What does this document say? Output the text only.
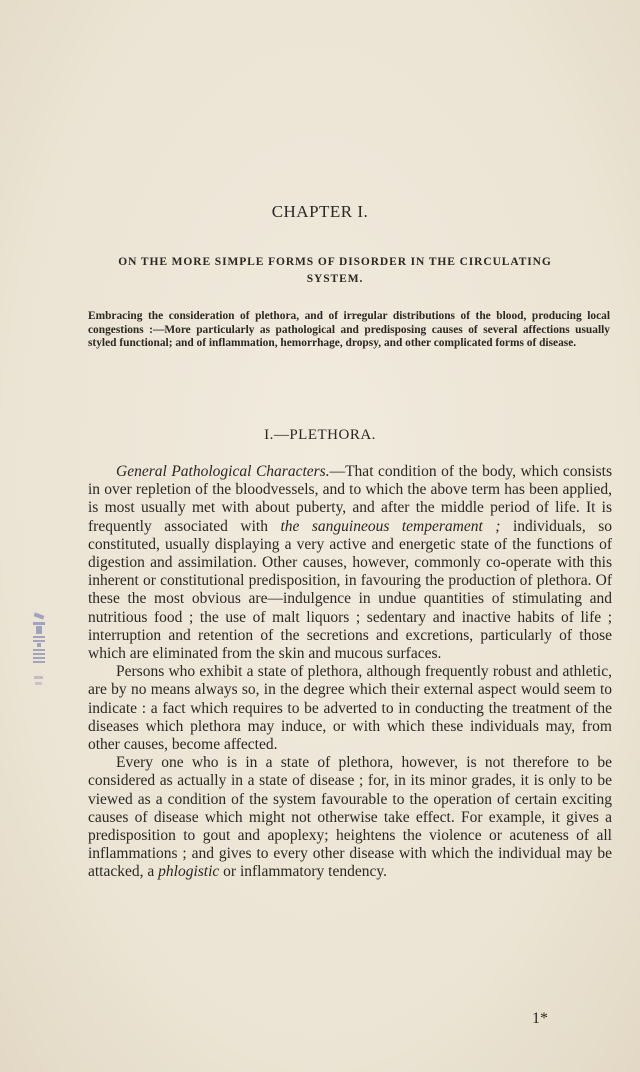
CHAPTER I.
ON THE MORE SIMPLE FORMS OF DISORDER IN THE CIRCULATING SYSTEM.
Embracing the consideration of plethora, and of irregular distributions of the blood, producing local congestions :—More particularly as pathological and predisposing causes of several affections usually styled functional; and of inflammation, hemorrhage, dropsy, and other complicated forms of disease.
I.—PLETHORA.

General Pathological Characters.—That condition of the body, which consists in over repletion of the bloodvessels, and to which the above term has been applied, is most usually met with about puberty, and after the middle period of life. It is frequently associated with the sanguineous temperament ; individuals, so constituted, usually displaying a very active and energetic state of the functions of digestion and assimilation. Other causes, however, commonly co-operate with this inherent or constitutional predisposition, in favouring the production of plethora. Of these the most obvious are—indulgence in undue quantities of stimulating and nutritious food ; the use of malt liquors ; sedentary and inactive habits of life ; interruption and retention of the secretions and excretions, particularly of those which are eliminated from the skin and mucous surfaces.

Persons who exhibit a state of plethora, although frequently robust and athletic, are by no means always so, in the degree which their external aspect would seem to indicate : a fact which requires to be adverted to in conducting the treatment of the diseases which plethora may induce, or with which these individuals may, from other causes, become affected.

Every one who is in a state of plethora, however, is not therefore to be considered as actually in a state of disease ; for, in its minor grades, it is only to be viewed as a condition of the system favourable to the operation of certain exciting causes of disease which might not otherwise take effect. For example, it gives a predisposition to gout and apoplexy; heightens the violence or acuteness of all inflammations ; and gives to every other disease with which the individual may be attacked, a phlogistic or inflammatory tendency.

1*
